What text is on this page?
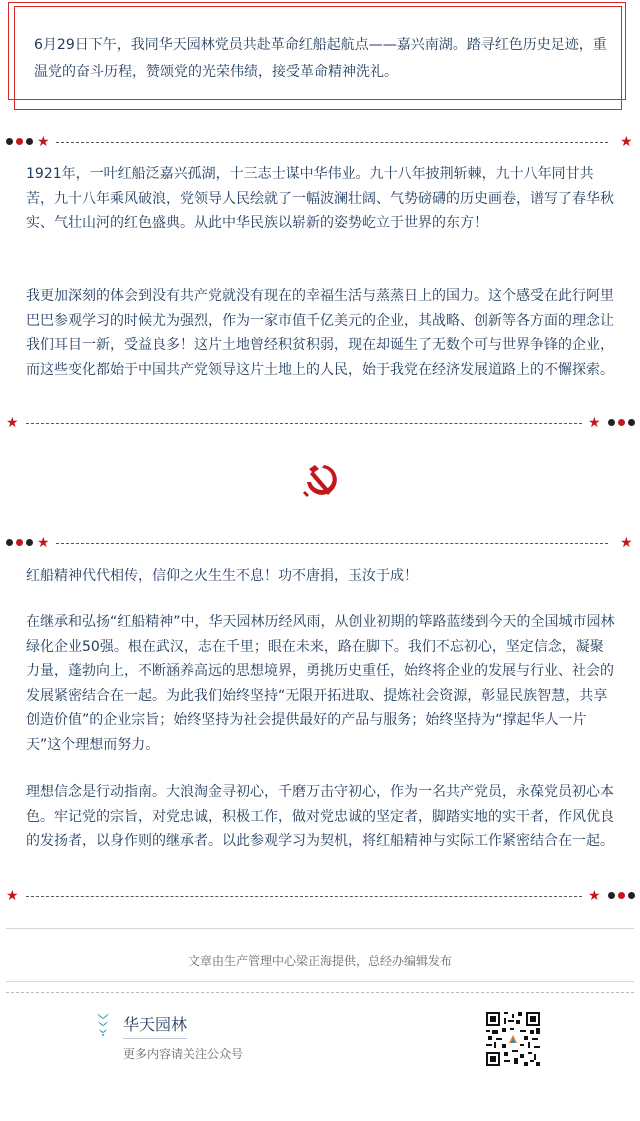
6月29日下午，我同华天园林党员共赴革命红船起航点——嘉兴南湖。踏寻红色历史足迹，重温党的奋斗历程，赞颂党的光荣伟绩，接受革命精神洗礼。
★	★

1921年，一叶红船泛嘉兴孤湖，十三志士谋中华伟业。九十八年披荆斩棘，九十八年同甘共苦，九十八年乘风破浪，党领导人民绘就了一幅波澜壮阔、气势磅礴的历史画卷，谱写了春华秋实、气壮山河的红色盛典。从此中华民族以崭新的姿势屹立于世界的东方！

我更加深刻的体会到没有共产党就没有现在的幸福生活与蒸蒸日上的国力。这个感受在此行阿里巴巴参观学习的时候尤为强烈，作为一家市值千亿美元的企业，其战略、创新等各方面的理念让我们耳目一新，受益良多！这片土地曾经积贫积弱，现在却诞生了无数个可与世界争锋的企业，而这些变化都始于中国共产党领导这片土地上的人民，始于我党在经济发展道路上的不懈探索。

★	★
★	★

红船精神代代相传，信仰之火生生不息！功不唐捐，玉汝于成！

在继承和弘扬“红船精神”中，华天园林历经风雨，从创业初期的筚路蓝缕到今天的全国城市园林绿化企业50强。根在武汉，志在千里；眼在未来，路在脚下。我们不忘初心，坚定信念，凝聚力量，蓬勃向上，不断涵养高远的思想境界，勇挑历史重任，始终将企业的发展与行业、社会的发展紧密结合在一起。为此我们始终坚持“无限开拓进取、提炼社会资源，彰显民族智慧，共享创造价值”的企业宗旨；始终坚持为社会提供最好的产品与服务；始终坚持为“撑起华人一片天”这个理想而努力。

理想信念是行动指南。大浪淘金寻初心，千磨万击守初心，作为一名共产党员，永葆党员初心本色。牢记党的宗旨，对党忠诚，积极工作，做对党忠诚的坚定者，脚踏实地的实干者，作风优良的发扬者，以身作则的继承者。以此参观学习为契机，将红船精神与实际工作紧密结合在一起。

★	★
文章由生产管理中心梁正海提供，总经办编辑发布
华天园林
更多内容请关注公众号
